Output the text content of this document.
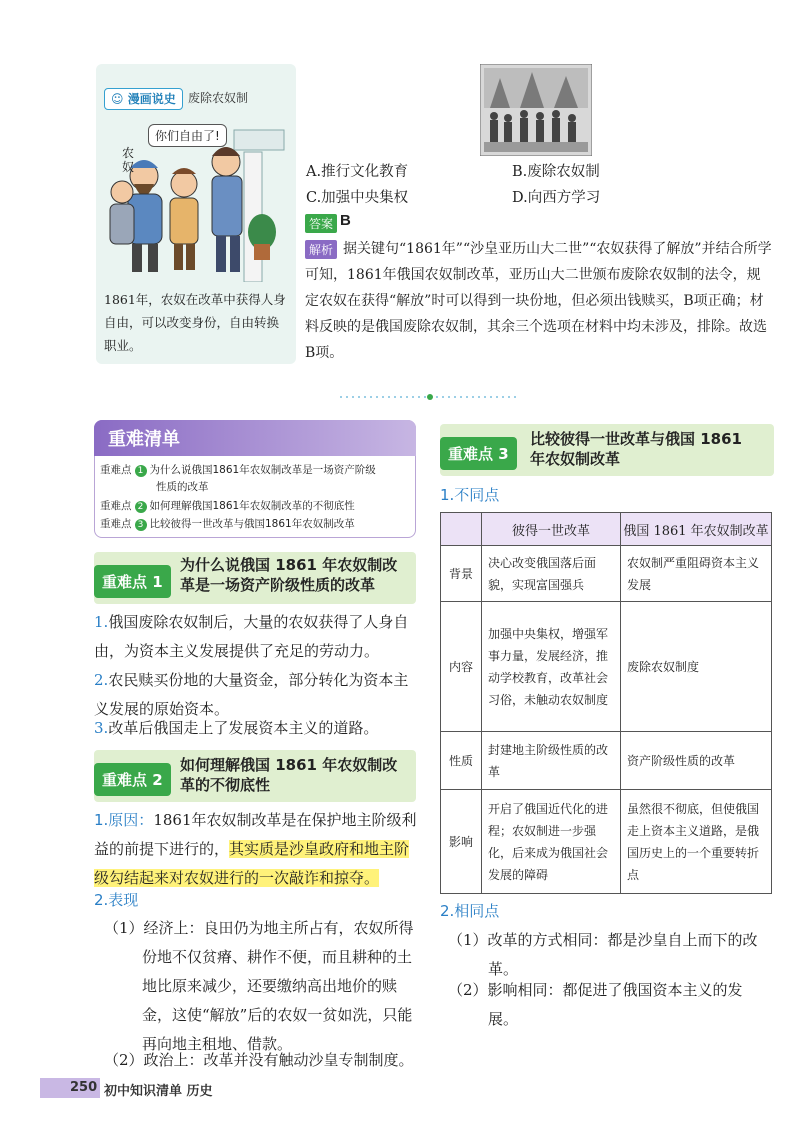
☺ 漫画说史	废除农奴制
你们自由了!
农奴
1861年，农奴在改革中获得人身自由，可以改变身份，自由转换职业。
A.推行文化教育	B.废除农奴制
C.加强中央集权	D.向西方学习
答案 B
据关键句“1861年”“沙皇亚历山大二世”“农奴获得了解放”并结合所学可知，1861年俄国农奴制改革，亚历山大二世颁布废除农奴制的法令，规定农奴在获得“解放”时可以得到一块份地，但必须出钱赎买，B项正确；材料反映的是俄国废除农奴制，其余三个选项在材料中均未涉及，排除。故选B项。
解析
重难清单
重难点 1 为什么说俄国1861年农奴制改革是一场资产阶级
性质的改革
重难点 2 如何理解俄国1861年农奴制改革的不彻底性
重难点 3 比较彼得一世改革与俄国1861年农奴制改革
重难点 1
为什么说俄国 1861 年农奴制改
革是一场资产阶级性质的改革
1.俄国废除农奴制后，大量的农奴获得了人身自由，为资本主义发展提供了充足的劳动力。
2.农民赎买份地的大量资金，部分转化为资本主义发展的原始资本。
3.改革后俄国走上了发展资本主义的道路。
重难点 2
如何理解俄国 1861 年农奴制改
革的不彻底性
1.原因：1861年农奴制改革是在保护地主阶级利益的前提下进行的，其实质是沙皇政府和地主阶级勾结起来对农奴进行的一次敲诈和掠夺。
2.表现
（1）经济上：良田仍为地主所占有，农奴所得份地不仅贫瘠、耕作不便，而且耕种的土地比原来减少，还要缴纳高出地价的赎金，这使“解放”后的农奴一贫如洗，只能再向地主租地、借款。
（2）政治上：改革并没有触动沙皇专制制度。
重难点 3
比较彼得一世改革与俄国 1861
年农奴制改革
1.不同点
	彼得一世改革	俄国 1861 年农奴制改革
背景	决心改变俄国落后面貌，实现富国强兵	农奴制严重阻碍资本主义发展
内容	加强中央集权，增强军事力量，发展经济，推动学校教育，改革社会习俗，未触动农奴制度	废除农奴制度
性质	封建地主阶级性质的改革	资产阶级性质的改革
影响	开启了俄国近代化的进程；农奴制进一步强化，后来成为俄国社会发展的障碍	虽然很不彻底，但使俄国走上资本主义道路，是俄国历史上的一个重要转折点
2.相同点
（1）改革的方式相同：都是沙皇自上而下的改革。
（2）影响相同：都促进了俄国资本主义的发展。
250 初中知识清单 历史
